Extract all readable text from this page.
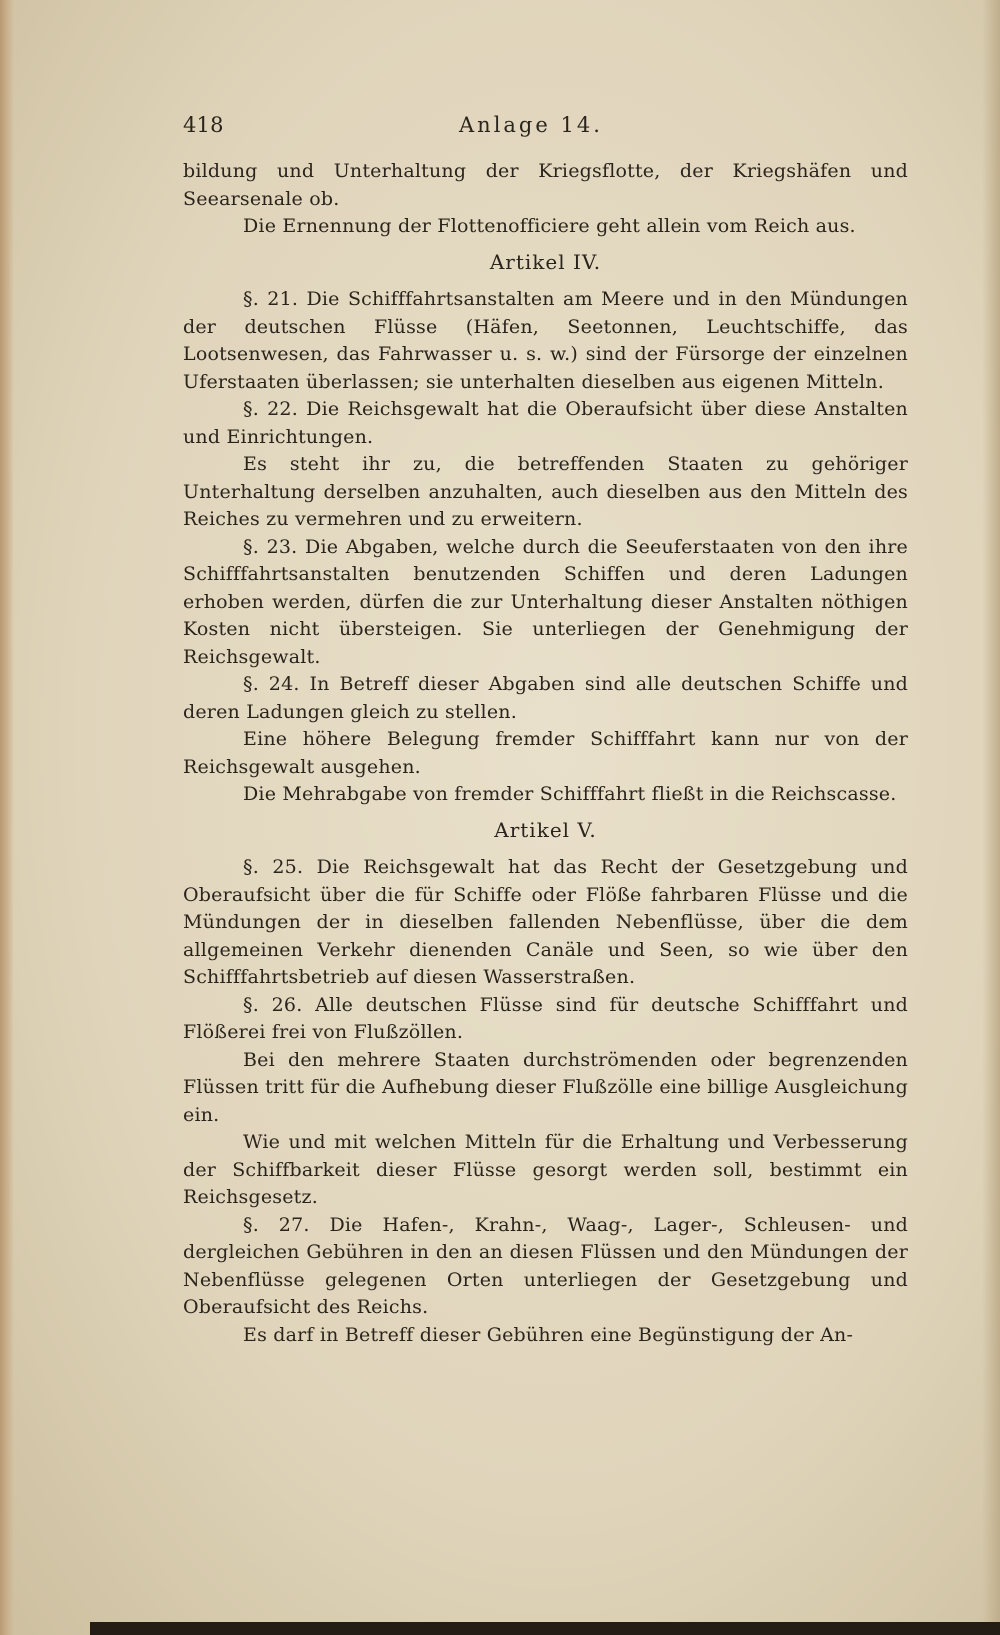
418	Anlage 14.

bildung und Unterhaltung der Kriegsflotte, der Kriegshäfen und Seearsenale ob.

Die Ernennung der Flottenofficiere geht allein vom Reich aus.

Artikel IV.

§. 21. Die Schifffahrtsanstalten am Meere und in den Mündungen der deutschen Flüsse (Häfen, Seetonnen, Leuchtschiffe, das Lootsenwesen, das Fahrwasser u. s. w.) sind der Fürsorge der einzelnen Uferstaaten überlassen; sie unterhalten dieselben aus eigenen Mitteln.

§. 22. Die Reichsgewalt hat die Oberaufsicht über diese Anstalten und Einrichtungen.

Es steht ihr zu, die betreffenden Staaten zu gehöriger Unterhaltung derselben anzuhalten, auch dieselben aus den Mitteln des Reiches zu vermehren und zu erweitern.

§. 23. Die Abgaben, welche durch die Seeuferstaaten von den ihre Schifffahrtsanstalten benutzenden Schiffen und deren Ladungen erhoben werden, dürfen die zur Unterhaltung dieser Anstalten nöthigen Kosten nicht übersteigen. Sie unterliegen der Genehmigung der Reichsgewalt.

§. 24. In Betreff dieser Abgaben sind alle deutschen Schiffe und deren Ladungen gleich zu stellen.

Eine höhere Belegung fremder Schifffahrt kann nur von der Reichsgewalt ausgehen.

Die Mehrabgabe von fremder Schifffahrt fließt in die Reichscasse.

Artikel V.

§. 25. Die Reichsgewalt hat das Recht der Gesetzgebung und Oberaufsicht über die für Schiffe oder Flöße fahrbaren Flüsse und die Mündungen der in dieselben fallenden Nebenflüsse, über die dem allgemeinen Verkehr dienenden Canäle und Seen, so wie über den Schifffahrtsbetrieb auf diesen Wasserstraßen.

§. 26. Alle deutschen Flüsse sind für deutsche Schifffahrt und Flößerei frei von Flußzöllen.

Bei den mehrere Staaten durchströmenden oder begrenzenden Flüssen tritt für die Aufhebung dieser Flußzölle eine billige Ausgleichung ein.

Wie und mit welchen Mitteln für die Erhaltung und Verbesserung der Schiffbarkeit dieser Flüsse gesorgt werden soll, bestimmt ein Reichsgesetz.

§. 27. Die Hafen-, Krahn-, Waag-, Lager-, Schleusen- und dergleichen Gebühren in den an diesen Flüssen und den Mündungen der Nebenflüsse gelegenen Orten unterliegen der Gesetzgebung und Oberaufsicht des Reichs.

Es darf in Betreff dieser Gebühren eine Begünstigung der An-
